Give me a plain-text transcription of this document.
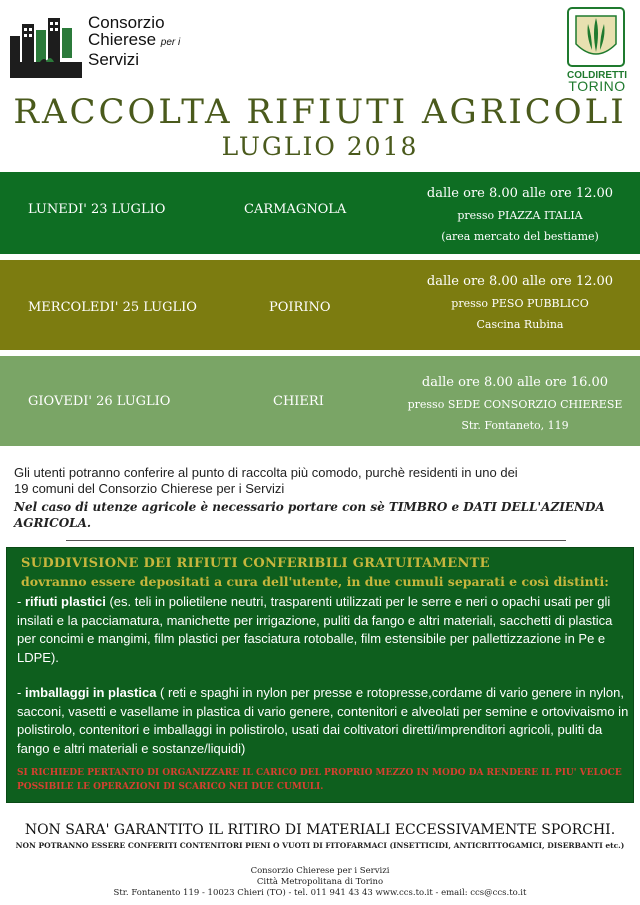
Consorzio
Chierese per i
Servizi
COLDIRETTI
TORINO
RACCOLTA RIFIUTI AGRICOLI
LUGLIO 2018
LUNEDI' 23 LUGLIO	CARMAGNOLA
dalle ore 8.00 alle ore 12.00
presso PIAZZA ITALIA
(area mercato del bestiame)
MERCOLEDI' 25 LUGLIO	POIRINO
dalle ore 8.00 alle ore 12.00
presso PESO PUBBLICO
Cascina Rubina
GIOVEDI' 26 LUGLIO	CHIERI
dalle ore 8.00 alle ore 16.00
presso SEDE CONSORZIO CHIERESE
Str. Fontaneto, 119
Gli utenti potranno conferire al punto di raccolta più comodo, purchè residenti in uno dei
19 comuni del Consorzio Chierese per i Servizi
Nel caso di utenze agricole è necessario portare con sè TIMBRO e DATI DELL'AZIENDA AGRICOLA.
SUDDIVISIONE DEI RIFIUTI CONFERIBILI GRATUITAMENTE
dovranno essere depositati a cura dell'utente, in due cumuli separati e così distinti:
- rifiuti plastici (es. teli in polietilene neutri, trasparenti utilizzati per le serre e neri o opachi usati per gli insilati e la pacciamatura, manichette per irrigazione, puliti da fango e altri materiali, sacchetti di plastica per concimi e mangimi, film plastici per fasciatura rotoballe, film estensibile per pallettizzazione in Pe e LDPE).
- imballaggi in plastica ( reti e spaghi in nylon per presse e rotopresse,cordame di vario genere in nylon, sacconi, vasetti e vasellame in plastica di vario genere, contenitori e alveolati per semine e ortovivaismo in polistirolo, contenitori e imballaggi in polistirolo, usati dai coltivatori diretti/imprenditori agricoli, puliti da fango e altri materiali e sostanze/liquidi)
SI RICHIEDE PERTANTO DI ORGANIZZARE IL CARICO DEL PROPRIO MEZZO IN MODO DA RENDERE IL PIU' VELOCE POSSIBILE LE OPERAZIONI DI SCARICO NEI DUE CUMULI.
NON SARA' GARANTITO IL RITIRO DI MATERIALI ECCESSIVAMENTE SPORCHI.
NON POTRANNO ESSERE CONFERITI CONTENITORI PIENI O VUOTI DI FITOFARMACI (INSETTICIDI, ANTICRITTOGAMICI, DISERBANTI etc.)
Consorzio Chierese per i Servizi
Città Metropolitana di Torino
Str. Fontanento 119 - 10023 Chieri (TO) - tel. 011 941 43 43 www.ccs.to.it - email: ccs@ccs.to.it
